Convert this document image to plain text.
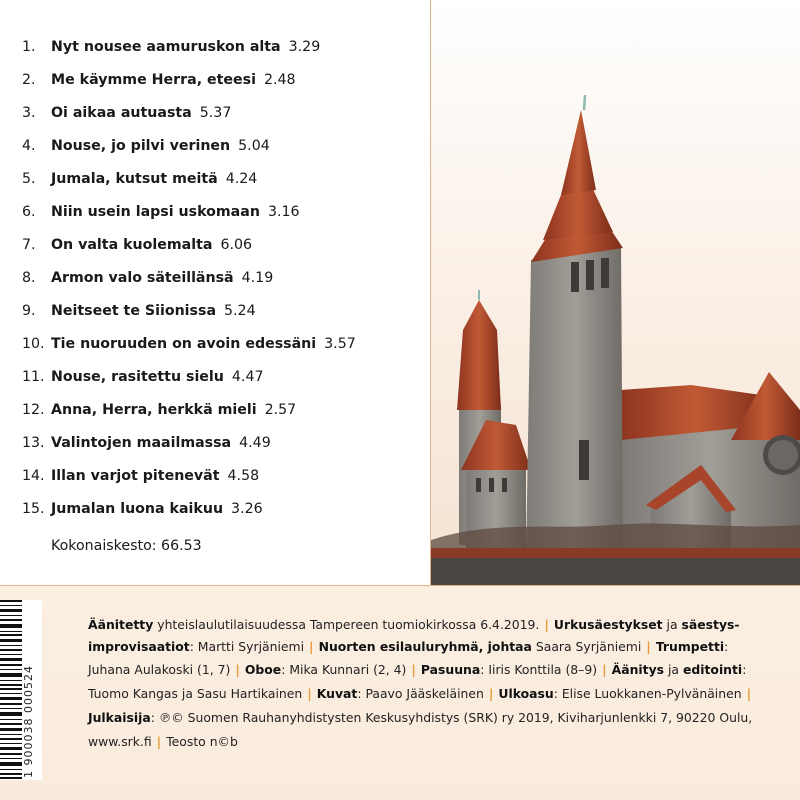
1.	Nyt nousee aamuruskon alta 3.29
2.	Me käymme Herra, eteesi 2.48
3.	Oi aikaa autuasta 5.37
4.	Nouse, jo pilvi verinen 5.04
5.	Jumala, kutsut meitä 4.24
6.	Niin usein lapsi uskomaan 3.16
7.	On valta kuolemalta 6.06
8.	Armon valo säteillänsä 4.19
9.	Neitseet te Siionissa 5.24
10. Tie nuoruuden on avoin edessäni 3.57
11. Nouse, rasitettu sielu 4.47
12. Anna, Herra, herkkä mieli 2.57
13. Valintojen maailmassa 4.49
14. Illan varjot pitenevät 4.58
15. Jumalan luona kaikuu 3.26
Kokonaiskesto: 66.53
1 900038 000524
Äänitetty yhteislaulutilaisuudessa Tampereen tuomiokirkossa 6.4.2019. | Urkusäestykset ja säestys-
improvisaatiot: Martti Syrjäniemi | Nuorten esilauluryhmä, johtaa Saara Syrjäniemi | Trumpetti:
Juhana Aulakoski (1, 7) | Oboe: Mika Kunnari (2, 4) | Pasuuna: Iiris Konttila (8–9) | Äänitys ja editointi:
Tuomo Kangas ja Sasu Hartikainen | Kuvat: Paavo Jääskeläinen | Ulkoasu: Elise Luokkanen-Pylvänäinen |
Julkaisija: ℗© Suomen Rauhanyhdistysten Keskusyhdistys (SRK) ry 2019, Kiviharjunlenkki 7, 90220 Oulu,
www.srk.fi | Teosto n©b
